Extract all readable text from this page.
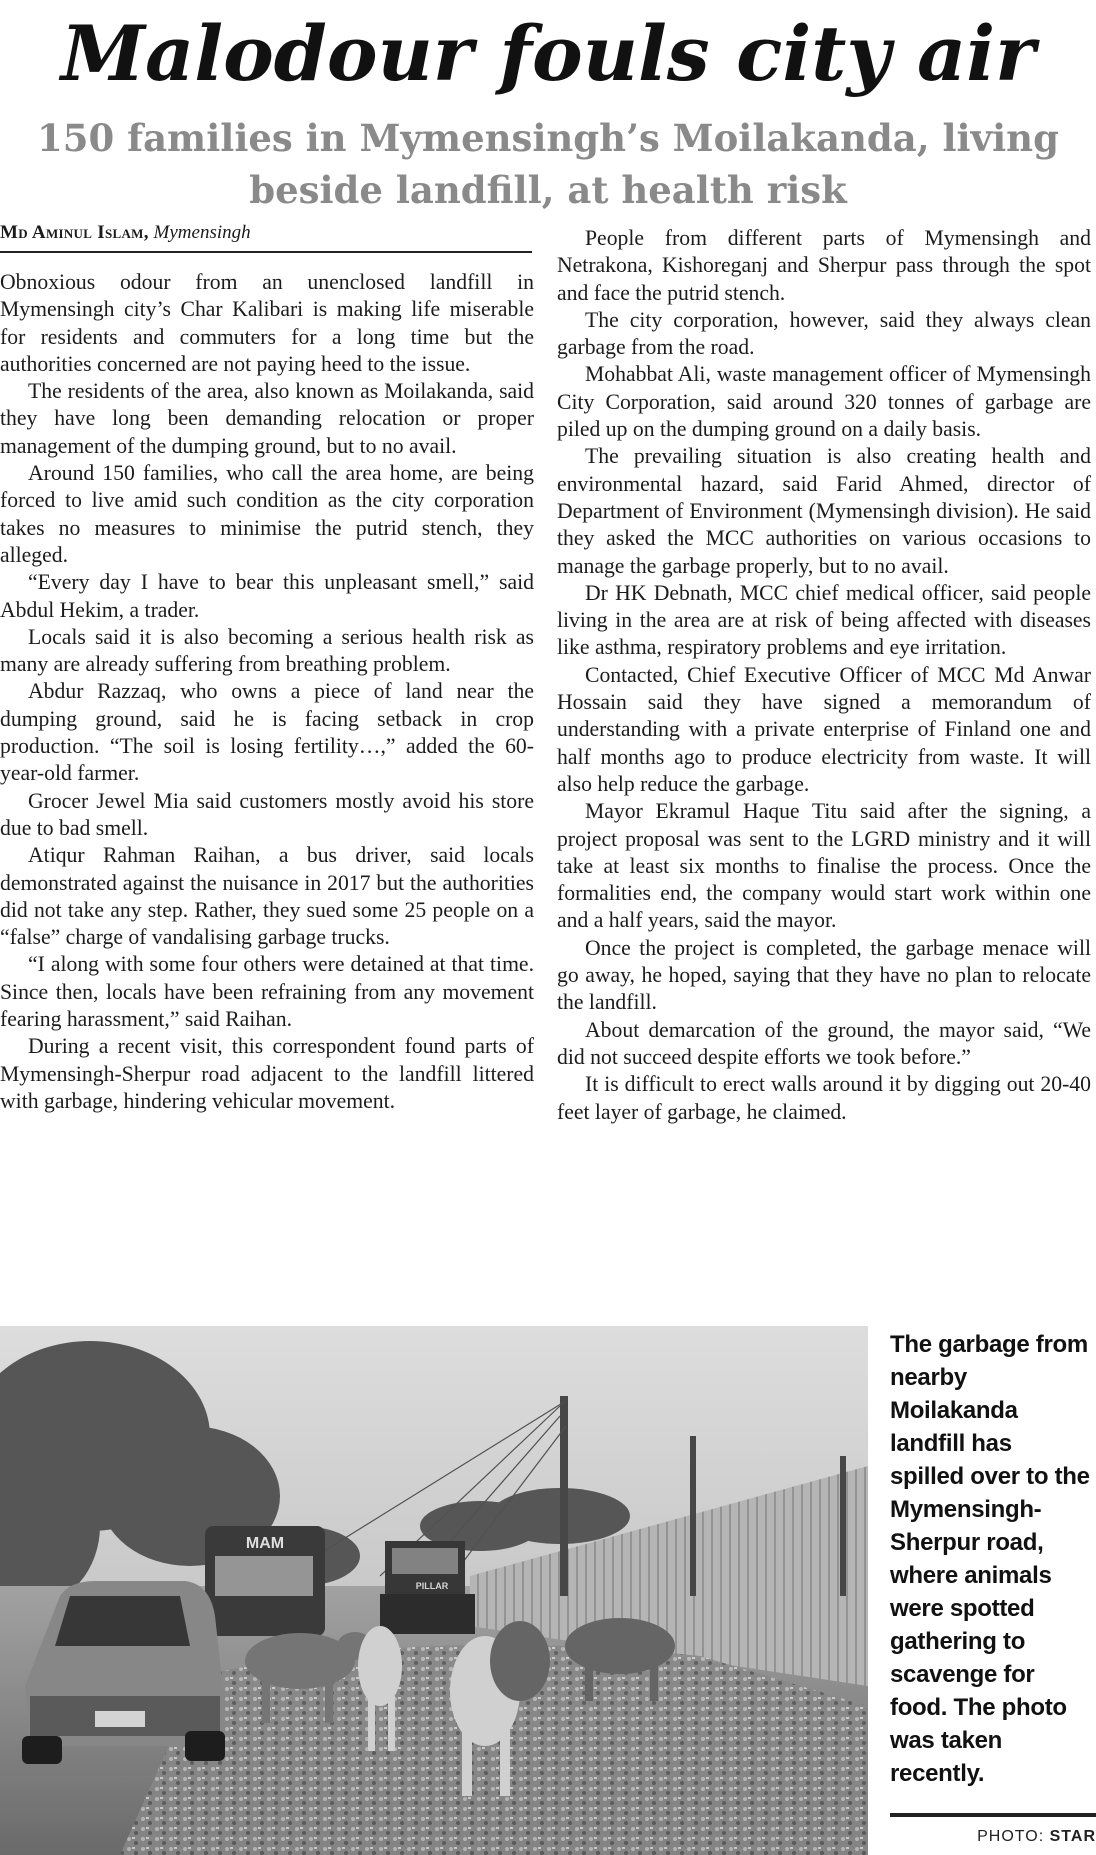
Malodour fouls city air
150 families in Mymensingh’s Moilakanda, living beside landfill, at health risk
Md Aminul Islam, Mymensingh

Obnoxious odour from an unenclosed landfill in Mymensingh city’s Char Kalibari is making life miserable for residents and commuters for a long time but the authorities concerned are not paying heed to the issue.

The residents of the area, also known as Moilakanda, said they have long been demanding relocation or proper management of the dumping ground, but to no avail.

Around 150 families, who call the area home, are being forced to live amid such condition as the city corporation takes no measures to minimise the putrid stench, they alleged.

“Every day I have to bear this unpleasant smell,” said Abdul Hekim, a trader.

Locals said it is also becoming a serious health risk as many are already suffering from breathing problem.

Abdur Razzaq, who owns a piece of land near the dumping ground, said he is facing setback in crop production. “The soil is losing fertility…,” added the 60-year-old farmer.

Grocer Jewel Mia said customers mostly avoid his store due to bad smell.

Atiqur Rahman Raihan, a bus driver, said locals demonstrated against the nuisance in 2017 but the authorities did not take any step. Rather, they sued some 25 people on a “false” charge of vandalising garbage trucks.

“I along with some four others were detained at that time. Since then, locals have been refraining from any movement fearing harassment,” said Raihan.

During a recent visit, this correspondent found parts of Mymensingh-Sherpur road adjacent to the landfill littered with garbage, hindering vehicular movement.

People from different parts of Mymensingh and Netrakona, Kishoreganj and Sherpur pass through the spot and face the putrid stench.

The city corporation, however, said they always clean garbage from the road.

Mohabbat Ali, waste management officer of Mymensingh City Corporation, said around 320 tonnes of garbage are piled up on the dumping ground on a daily basis.

The prevailing situation is also creating health and environmental hazard, said Farid Ahmed, director of Department of Environment (Mymensingh division). He said they asked the MCC authorities on various occasions to manage the garbage properly, but to no avail.

Dr HK Debnath, MCC chief medical officer, said people living in the area are at risk of being affected with diseases like asthma, respiratory problems and eye irritation.

Contacted, Chief Executive Officer of MCC Md Anwar Hossain said they have signed a memorandum of understanding with a private enterprise of Finland one and half months ago to produce electricity from waste. It will also help reduce the garbage.

Mayor Ekramul Haque Titu said after the signing, a project proposal was sent to the LGRD ministry and it will take at least six months to finalise the process. Once the formalities end, the company would start work within one and a half years, said the mayor.

Once the project is completed, the garbage menace will go away, he hoped, saying that they have no plan to relocate the landfill.

About demarcation of the ground, the mayor said, “We did not succeed despite efforts we took before.”

It is difficult to erect walls around it by digging out 20-40 feet layer of garbage, he claimed.

MAM
PILLAR
The garbage from nearby Moilakanda landfill has spilled over to the Mymensingh-Sherpur road, where animals were spotted gathering to scavenge for food. The photo was taken recently.
PHOTO: STAR
